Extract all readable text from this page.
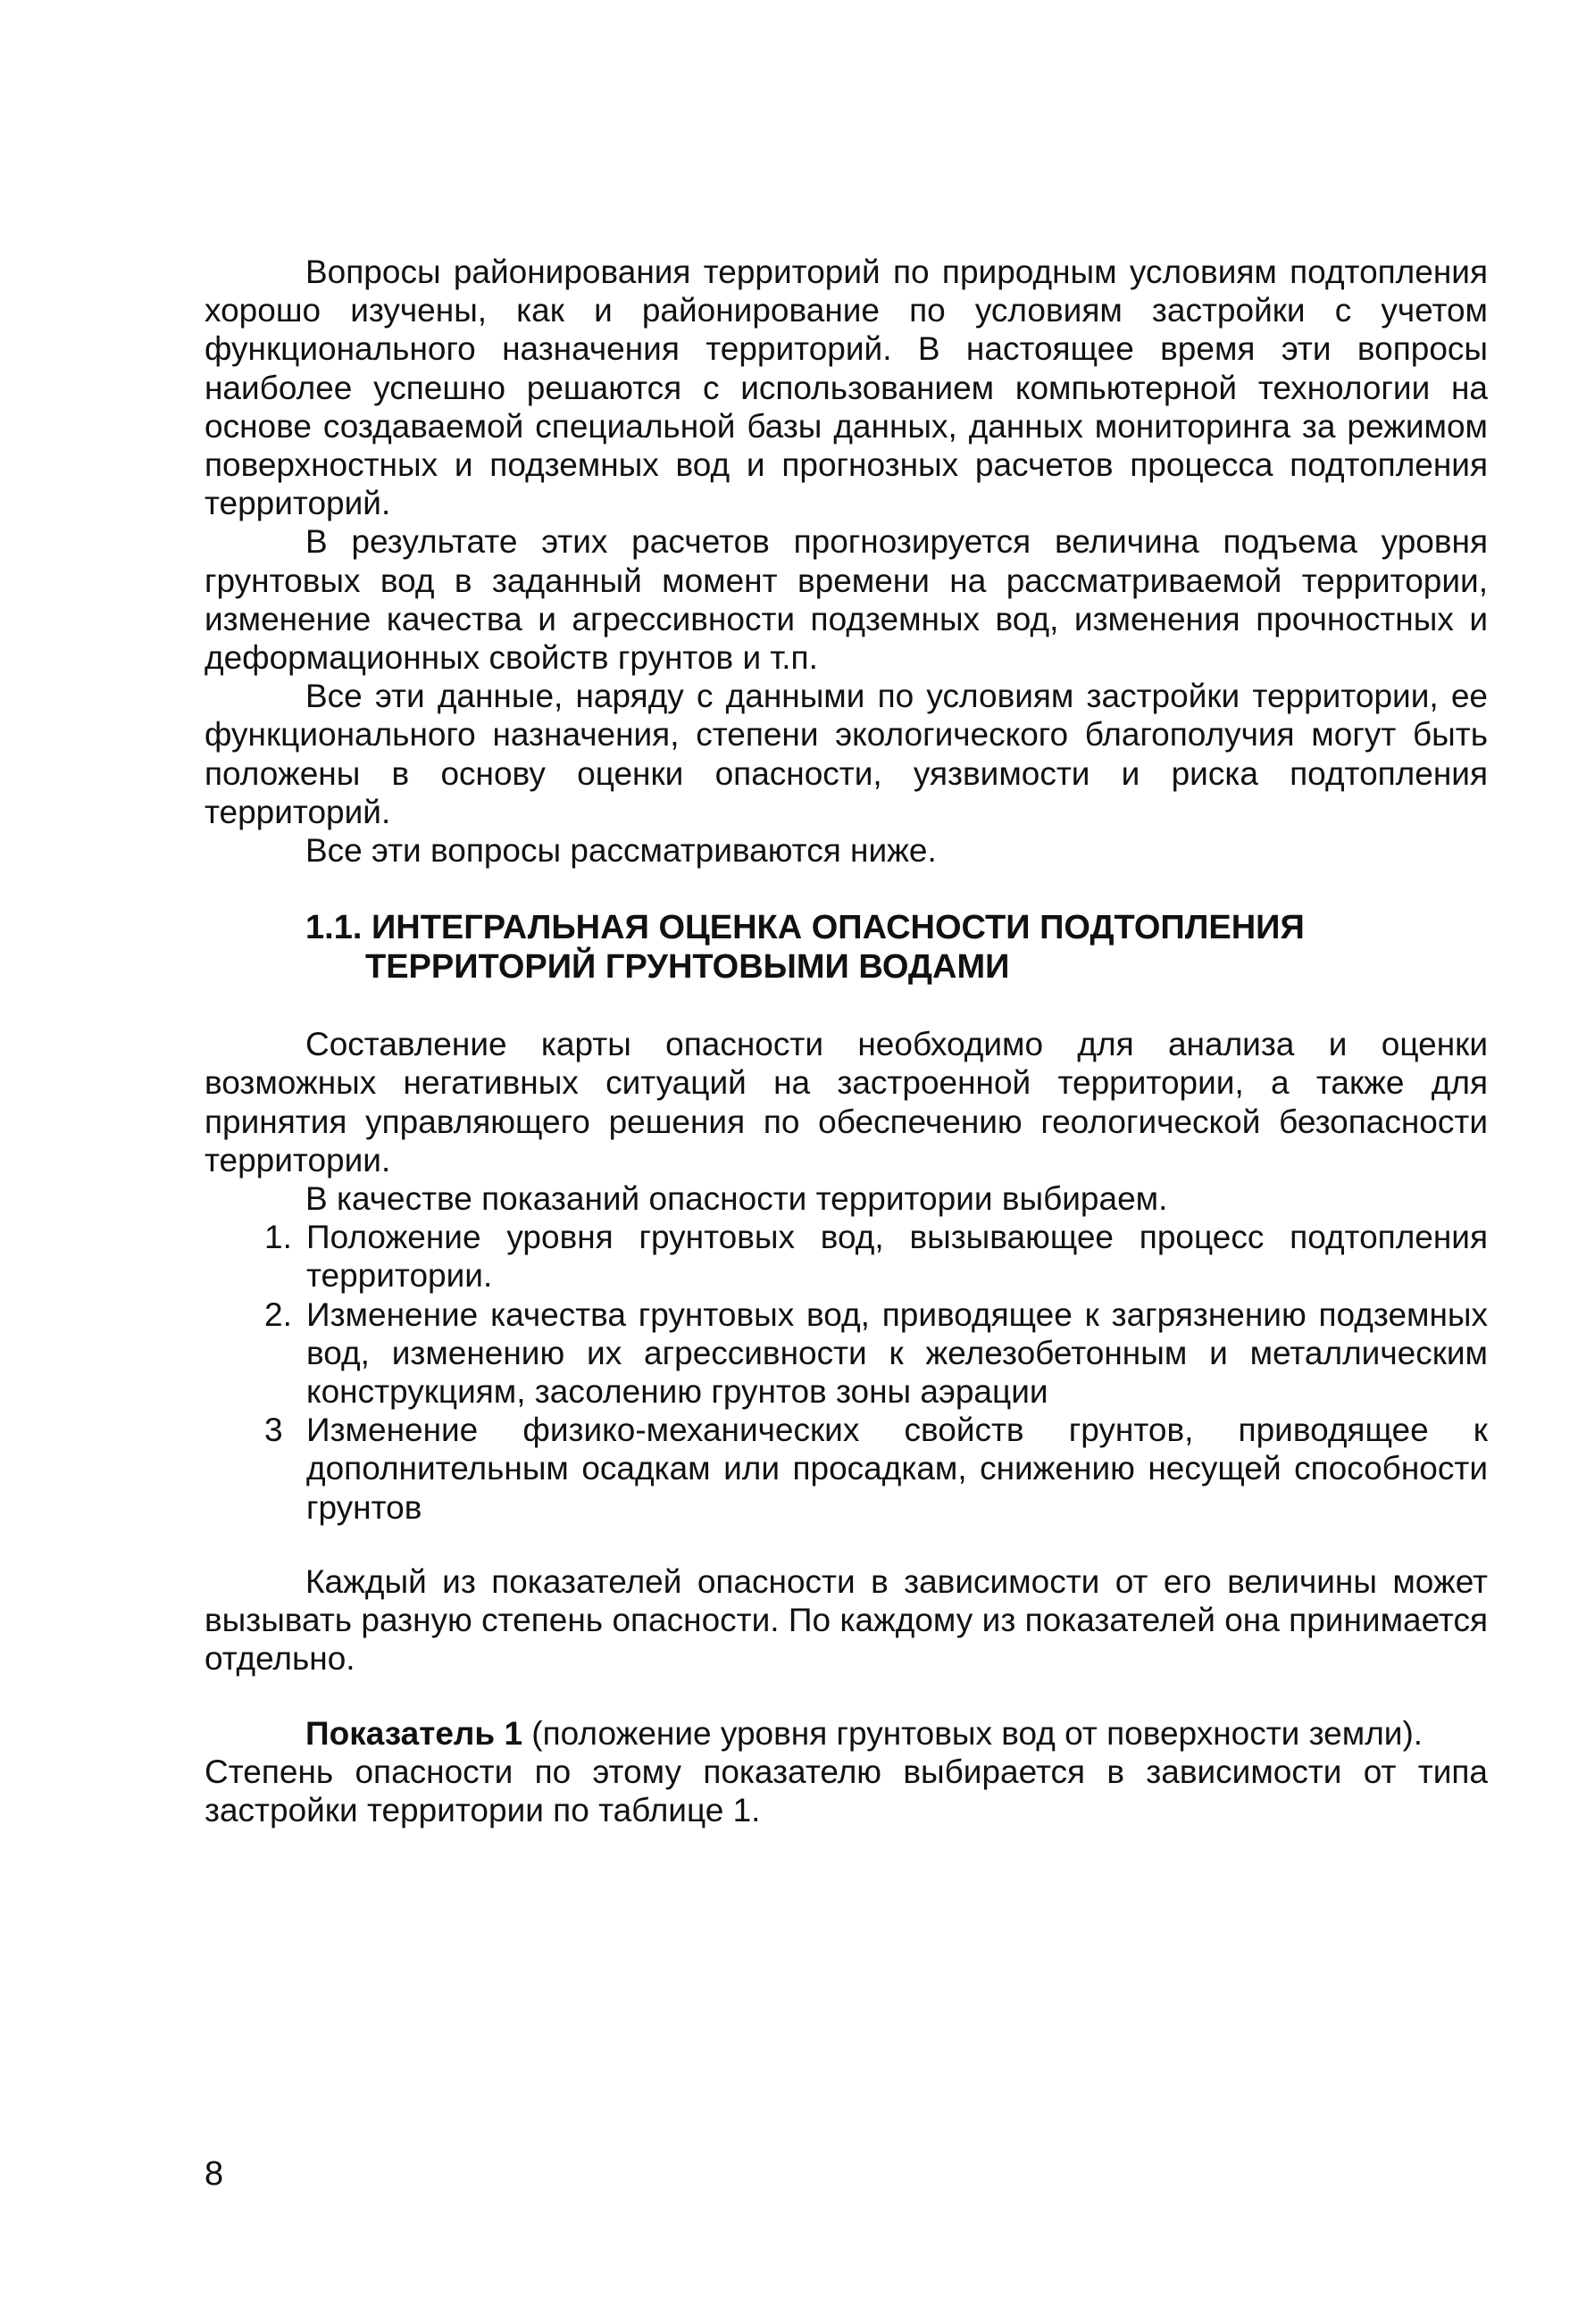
Вопросы районирования территорий по природным условиям подтопления хорошо изучены, как и районирование по условиям застройки с учетом функционального назначения территорий. В настоящее время эти вопросы наиболее успешно решаются с использованием компьютерной технологии на основе создаваемой специальной базы данных, данных мониторинга за режимом поверхностных и подземных вод и прогнозных расчетов процесса подтопления территорий.

В результате этих расчетов прогнозируется величина подъема уровня грунтовых вод в заданный момент времени на рассматриваемой территории, изменение качества и агрессивности подземных вод, изменения прочностных и деформационных свойств грунтов и т.п.

Все эти данные, наряду с данными по условиям застройки территории, ее функционального назначения, степени экологического благополучия могут быть положены в основу оценки опасности, уязвимости и риска подтопления территорий.

Все эти вопросы рассматриваются ниже.

1.1. ИНТЕГРАЛЬНАЯ ОЦЕНКА ОПАСНОСТИ ПОДТОПЛЕНИЯ
ТЕРРИТОРИЙ ГРУНТОВЫМИ ВОДАМИ

Составление карты опасности необходимо для анализа и оценки возможных негативных ситуаций на застроенной территории, а также для принятия управляющего решения по обеспечению геологической безопасности территории.

В качестве показаний опасности территории выбираем.

1. Положение уровня грунтовых вод, вызывающее процесс подтопления территории.
2. Изменение качества грунтовых вод, приводящее к загрязнению подземных вод, изменению их агрессивности к железобетонным и металлическим конструкциям, засолению грунтов зоны аэрации
3 Изменение физико-механических свойств грунтов, приводящее к дополнительным осадкам или просадкам, снижению несущей способности грунтов

Каждый из показателей опасности в зависимости от его величины может вызывать разную степень опасности. По каждому из показателей она принимается отдельно.

Показатель 1 (положение уровня грунтовых вод от поверхности земли).

Степень опасности по этому показателю выбирается в зависимости от типа застройки территории по таблице 1.

8
